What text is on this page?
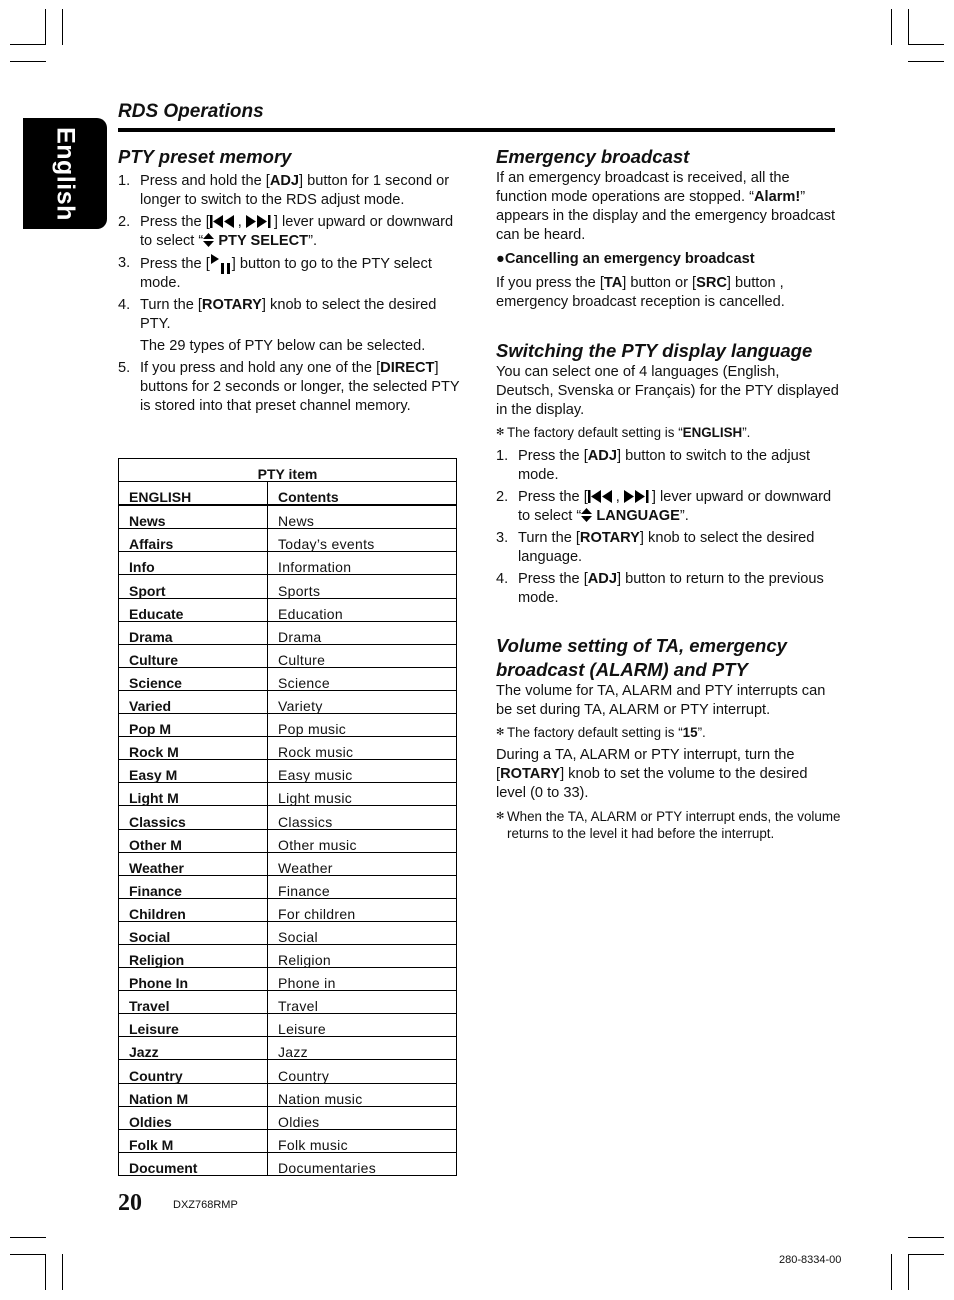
English
RDS Operations
PTY preset memory
1. Press and hold the [ADJ] button for 1 second or longer to switch to the RDS adjust mode.
2. Press the [ , ] lever upward or downward to select “ PTY SELECT”.
3. Press the [ ] button to go to the PTY select mode.
4. Turn the [ROTARY] knob to select the desired PTY.
The 29 types of PTY below can be selected.
5. If you press and hold any one of the [DIRECT] buttons for 2 seconds or longer, the selected PTY is stored into that preset channel memory.
PTY item	
ENGLISH	Contents
News	News
Affairs	Today’s events
Info	Information
Sport	Sports
Educate	Education
Drama	Drama
Culture	Culture
Science	Science
Varied	Variety
Pop M	Pop music
Rock M	Rock music
Easy M	Easy music
Light M	Light music
Classics	Classics
Other M	Other music
Weather	Weather
Finance	Finance
Children	For children
Social	Social
Religion	Religion
Phone In	Phone in
Travel	Travel
Leisure	Leisure
Jazz	Jazz
Country	Country
Nation M	Nation music
Oldies	Oldies
Folk M	Folk music
Document	Documentaries
Emergency broadcast

If an emergency broadcast is received, all the function mode operations are stopped. “Alarm!” appears in the display and the emergency broadcast can be heard.

●Cancelling an emergency broadcast

If you press the [TA] button or [SRC] button , emergency broadcast reception is cancelled.

Switching the PTY display language

You can select one of 4 languages (English, Deutsch, Svenska or Français) for the PTY displayed in the display.

✻ The factory default setting is “ENGLISH”.

1. Press the [ADJ] button to switch to the adjust mode.
2. Press the [ , ] lever upward or downward to select “ LANGUAGE”.
3. Turn the [ROTARY] knob to select the desired language.
4. Press the [ADJ] button to return to the previous mode.
Volume setting of TA, emergency
broadcast (ALARM) and PTY

The volume for TA, ALARM and PTY interrupts can be set during TA, ALARM or PTY interrupt.

✻ The factory default setting is “15”.

During a TA, ALARM or PTY interrupt, turn the [ROTARY] knob to set the volume to the desired level (0 to 33).

✻ When the TA, ALARM or PTY interrupt ends, the volume returns to the level it had before the interrupt.

20	DXZ768RMP
280-8334-00
